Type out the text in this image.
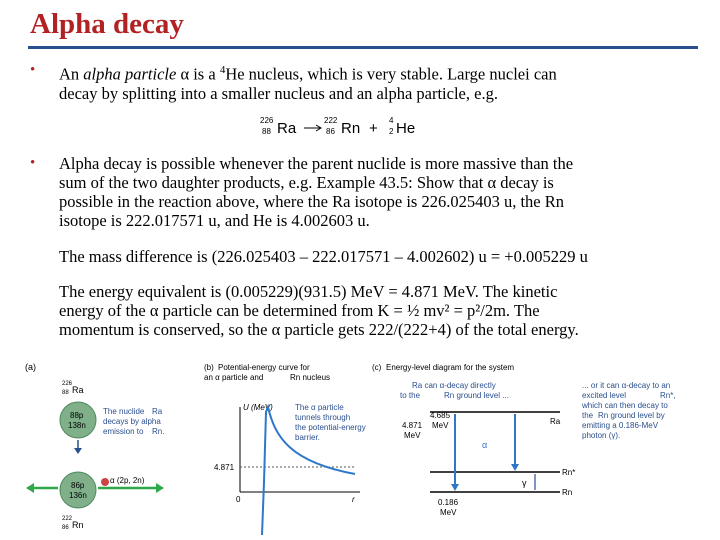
Alpha decay
• An alpha particle α is a $^4$He nucleus, which is very stable. Large nuclei can
decay by splitting into a smaller nucleus and an alpha particle, e.g.
226
88 Ra	222
86 Rn + 4
2 He
• Alpha decay is possible whenever the parent nuclide is more massive than the
sum of the two daughter products, e.g. Example 43.5: Show that α decay is
possible in the reaction above, where the Ra isotope is 226.025403 u, the Rn
isotope is 222.017571 u, and He is 4.002603 u.
The mass difference is (226.025403 – 222.017571 – 4.002602) u = +0.005229 u
The energy equivalent is (0.005229)(931.5) MeV = 4.871 MeV. The kinetic
energy of the α particle can be determined from K = ½ mv² = p²/2m. The
momentum is conserved, so the α particle gets 222/(222+4) of the total energy.
(a)
226
88 Ra
88p
138n
The nuclide Ra
decays by alpha
emission to Rn.
86p
136n
α (2p, 2n)
222
86 Rn
(b) Potential-energy curve for
an α particle and	Rn nucleus
U (MeV)
4.871
0	r
The α particle
tunnels through
the potential-energy
barrier.
(c) Energy-level diagram for the system
Ra can α-decay directly
to the	Rn ground level ...
... or it can α-decay to an
excited level	Rn*,
which can then decay to
the Rn ground level by
emitting a 0.186-MeV
photon (γ).
Ra
Rn*
Rn
α
γ
4.871
MeV
4.685
MeV
0.186
MeV
